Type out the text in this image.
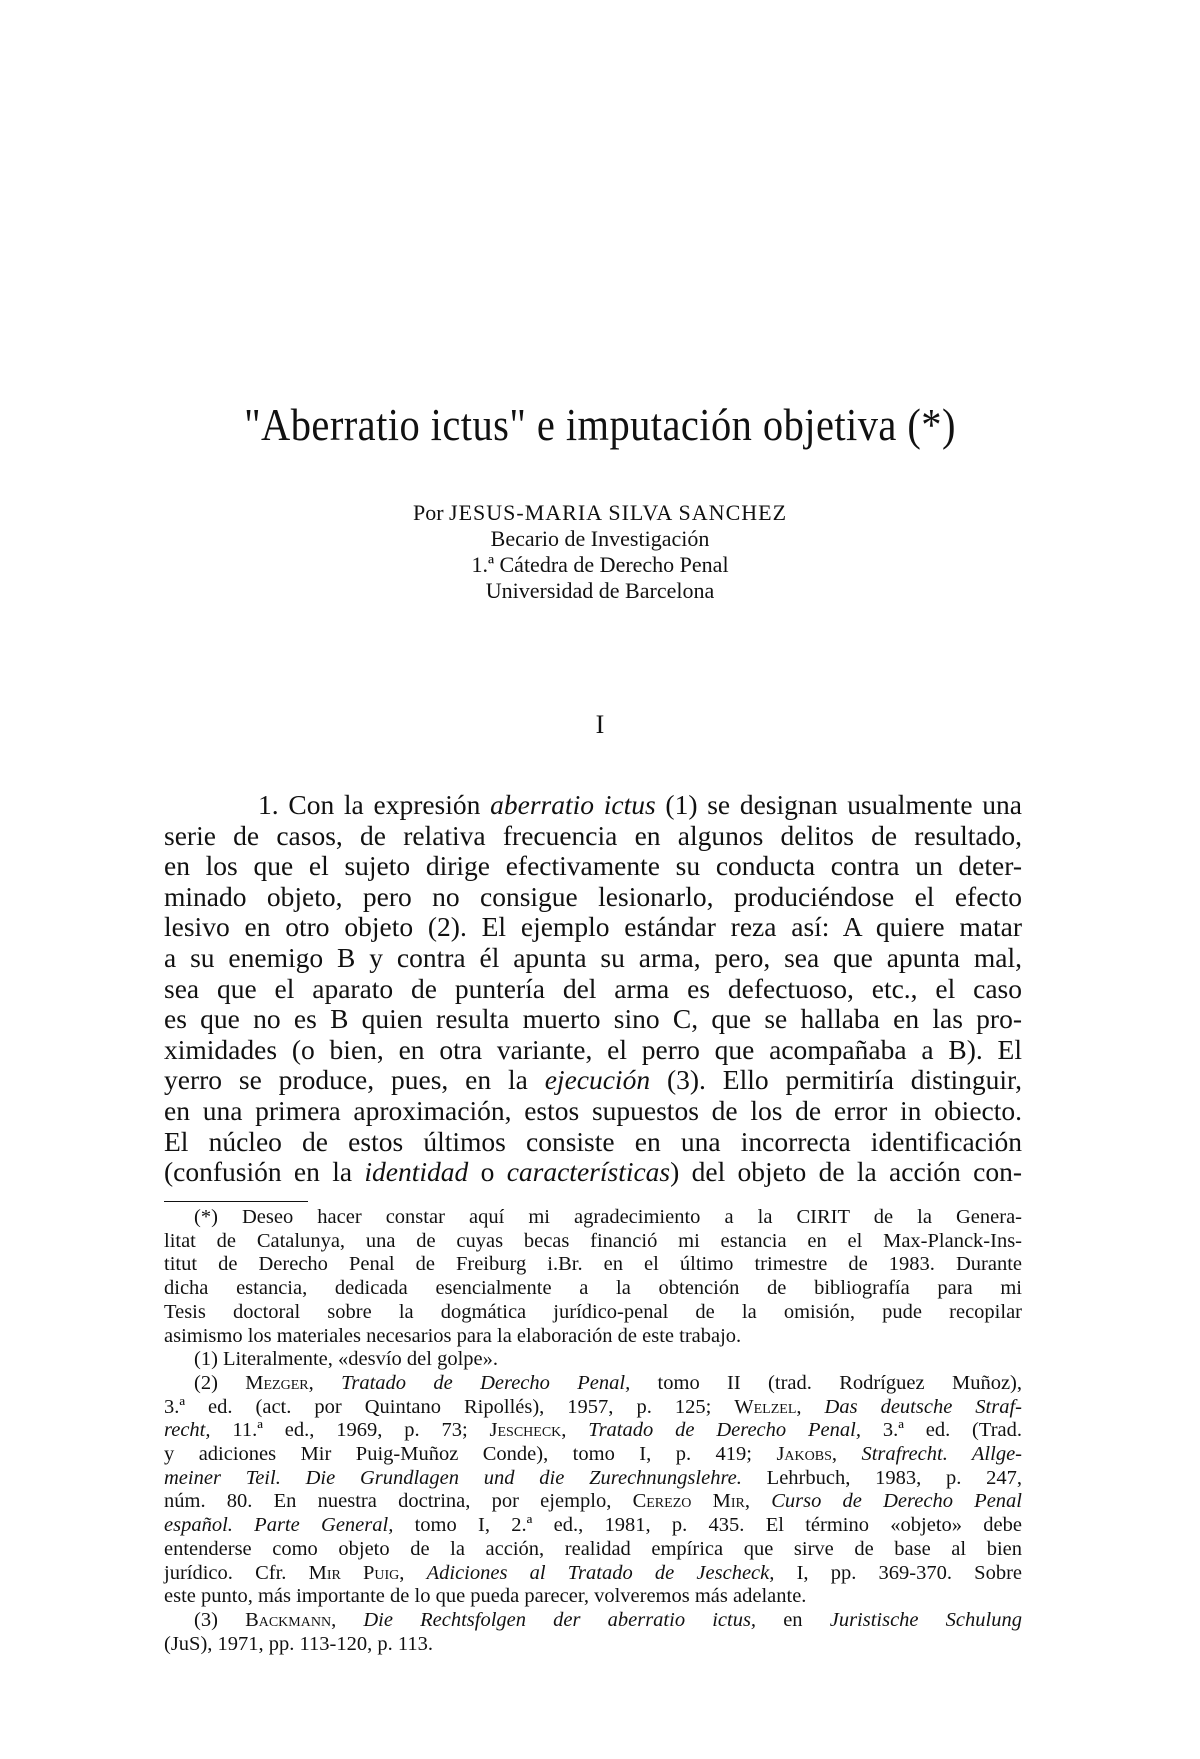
"Aberratio ictus" e imputación objetiva (*)
Por JESUS-MARIA SILVA SANCHEZ
Becario de Investigación
1.ª Cátedra de Derecho Penal
Universidad de Barcelona
I
1. Con la expresión aberratio ictus (1) se designan usualmente una
serie de casos, de relativa frecuencia en algunos delitos de resultado,
en los que el sujeto dirige efectivamente su conducta contra un deter-
minado objeto, pero no consigue lesionarlo, produciéndose el efecto
lesivo en otro objeto (2). El ejemplo estándar reza así: A quiere matar
a su enemigo B y contra él apunta su arma, pero, sea que apunta mal,
sea que el aparato de puntería del arma es defectuoso, etc., el caso
es que no es B quien resulta muerto sino C, que se hallaba en las pro-
ximidades (o bien, en otra variante, el perro que acompañaba a B). El
yerro se produce, pues, en la ejecución (3). Ello permitiría distinguir,
en una primera aproximación, estos supuestos de los de error in obiecto.
El núcleo de estos últimos consiste en una incorrecta identificación
(confusión en la identidad o características) del objeto de la acción con-
(*) Deseo hacer constar aquí mi agradecimiento a la CIRIT de la Genera-
litat de Catalunya, una de cuyas becas financió mi estancia en el Max-Planck-Ins-
titut de Derecho Penal de Freiburg i.Br. en el último trimestre de 1983. Durante
dicha estancia, dedicada esencialmente a la obtención de bibliografía para mi
Tesis doctoral sobre la dogmática jurídico-penal de la omisión, pude recopilar
asimismo los materiales necesarios para la elaboración de este trabajo.
(1) Literalmente, «desvío del golpe».
(2) Mezger, Tratado de Derecho Penal, tomo II (trad. Rodríguez Muñoz),
3.ª ed. (act. por Quintano Ripollés), 1957, p. 125; Welzel, Das deutsche Straf-
recht, 11.ª ed., 1969, p. 73; Jescheck, Tratado de Derecho Penal, 3.ª ed. (Trad.
y adiciones Mir Puig-Muñoz Conde), tomo I, p. 419; Jakobs, Strafrecht. Allge-
meiner Teil. Die Grundlagen und die Zurechnungslehre. Lehrbuch, 1983, p. 247,
núm. 80. En nuestra doctrina, por ejemplo, Cerezo Mir, Curso de Derecho Penal
español. Parte General, tomo I, 2.ª ed., 1981, p. 435. El término «objeto» debe
entenderse como objeto de la acción, realidad empírica que sirve de base al bien
jurídico. Cfr. Mir Puig, Adiciones al Tratado de Jescheck, I, pp. 369-370. Sobre
este punto, más importante de lo que pueda parecer, volveremos más adelante.
(3) Backmann, Die Rechtsfolgen der aberratio ictus, en Juristische Schulung
(JuS), 1971, pp. 113-120, p. 113.
